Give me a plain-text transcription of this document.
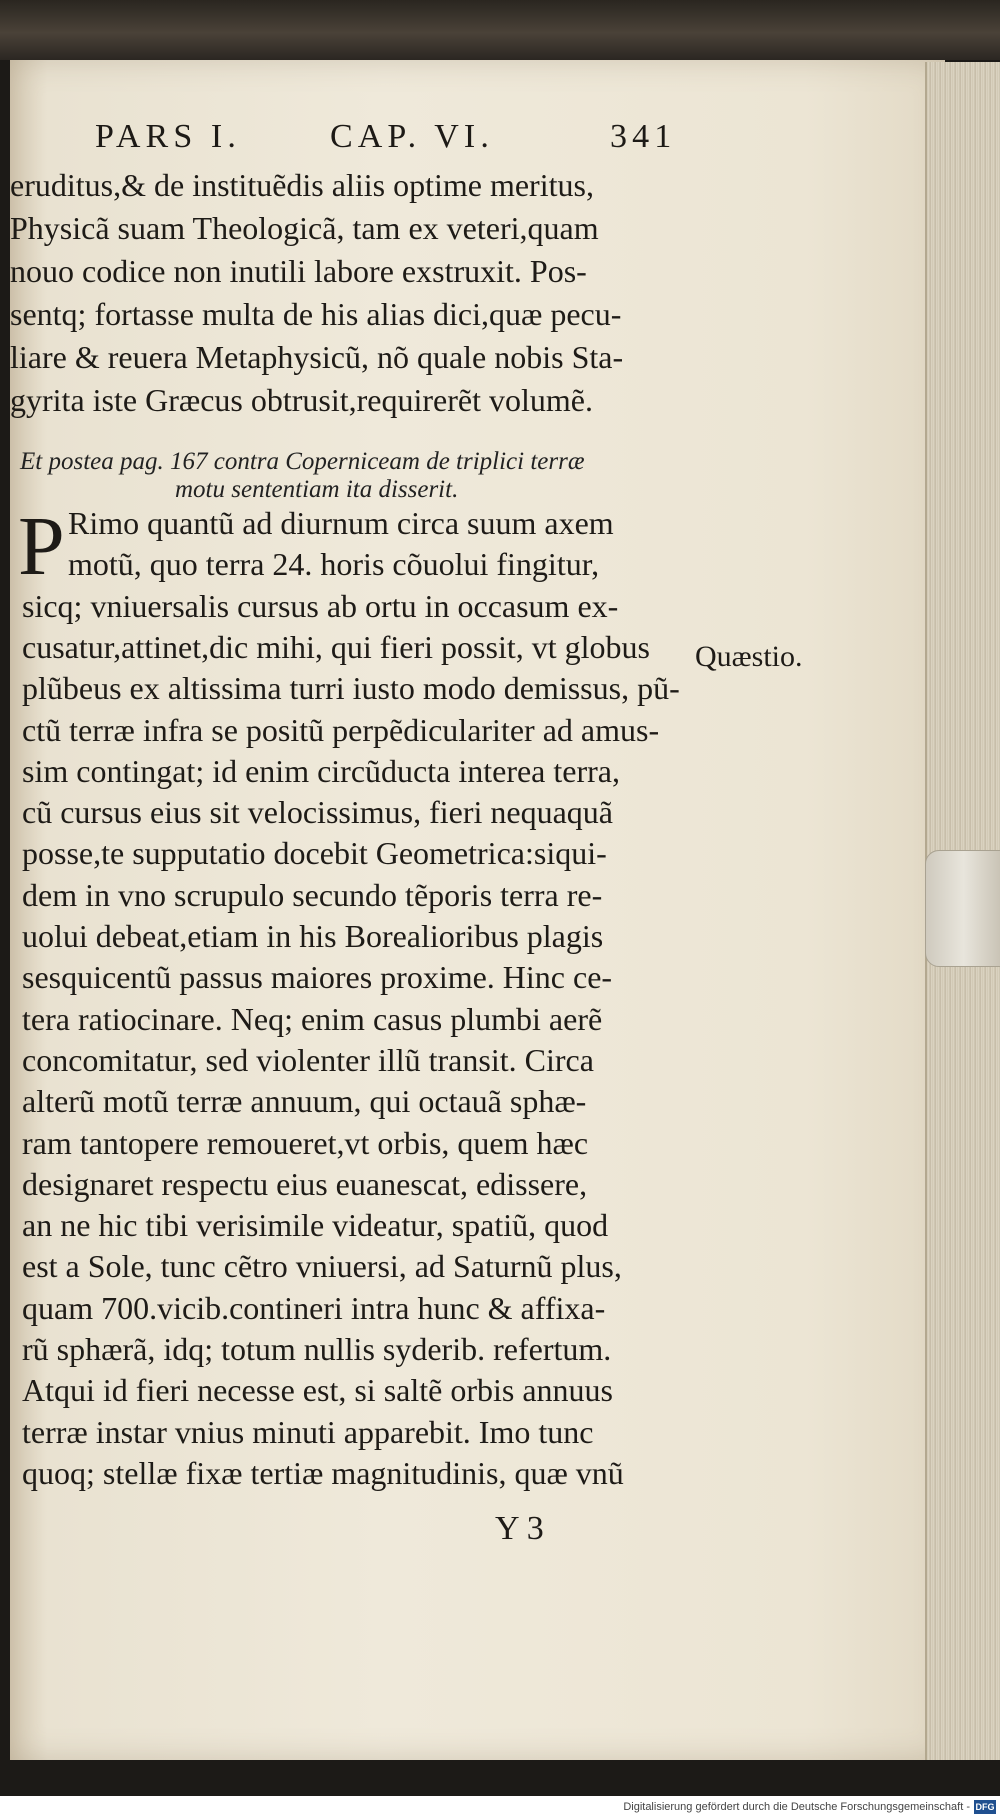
PARS I.	CAP. VI.	341
eruditus,& de instituẽdis aliis optime meritus,
Physicã suam Theologicã, tam ex veteri,quam
nouo codice non inutili labore exstruxit. Pos-
sentq; fortasse multa de his alias dici,quæ pecu-
liare & reuera Metaphysicũ, nõ quale nobis Sta-
gyrita iste Græcus obtrusit,requirerẽt volumẽ.
Et postea pag. 167 contra Coperniceam de triplici terræ
motu sententiam ita disserit.
Rimo quantũ ad diurnum circa suum axem
motũ, quo terra 24. horis cõuolui fingitur,
sicq; vniuersalis cursus ab ortu in occasum ex-
cusatur,attinet,dic mihi, qui fieri possit, vt globus
plũbeus ex altissima turri iusto modo demissus, pũ-
ctũ terræ infra se positũ perpẽdiculariter ad amus-
sim contingat; id enim circũducta interea terra,
cũ cursus eius sit velocissimus, fieri nequaquã
posse,te supputatio docebit Geometrica:siqui-
dem in vno scrupulo secundo tẽporis terra re-
uolui debeat,etiam in his Borealioribus plagis
sesquicentũ passus maiores proxime. Hinc ce-
tera ratiocinare. Neq; enim casus plumbi aerẽ
concomitatur, sed violenter illũ transit. Circa
alterũ motũ terræ annuum, qui octauã sphæ-
ram tantopere remoueret,vt orbis, quem hæc
designaret respectu eius euanescat, edissere,
an ne hic tibi verisimile videatur, spatiũ, quod
est a Sole, tunc cẽtro vniuersi, ad Saturnũ plus,
quam 700.vicib.contineri intra hunc & affixa-
rũ sphærã, idq; totum nullis syderib. refertum.
Atqui id fieri necesse est, si saltẽ orbis annuus
terræ instar vnius minuti apparebit. Imo tunc
quoq; stellæ fixæ tertiæ magnitudinis, quæ vnũ
P
Quæstio.
Y 3
Digitalisierung gefördert durch die Deutsche Forschungsgemeinschaft - DFG
